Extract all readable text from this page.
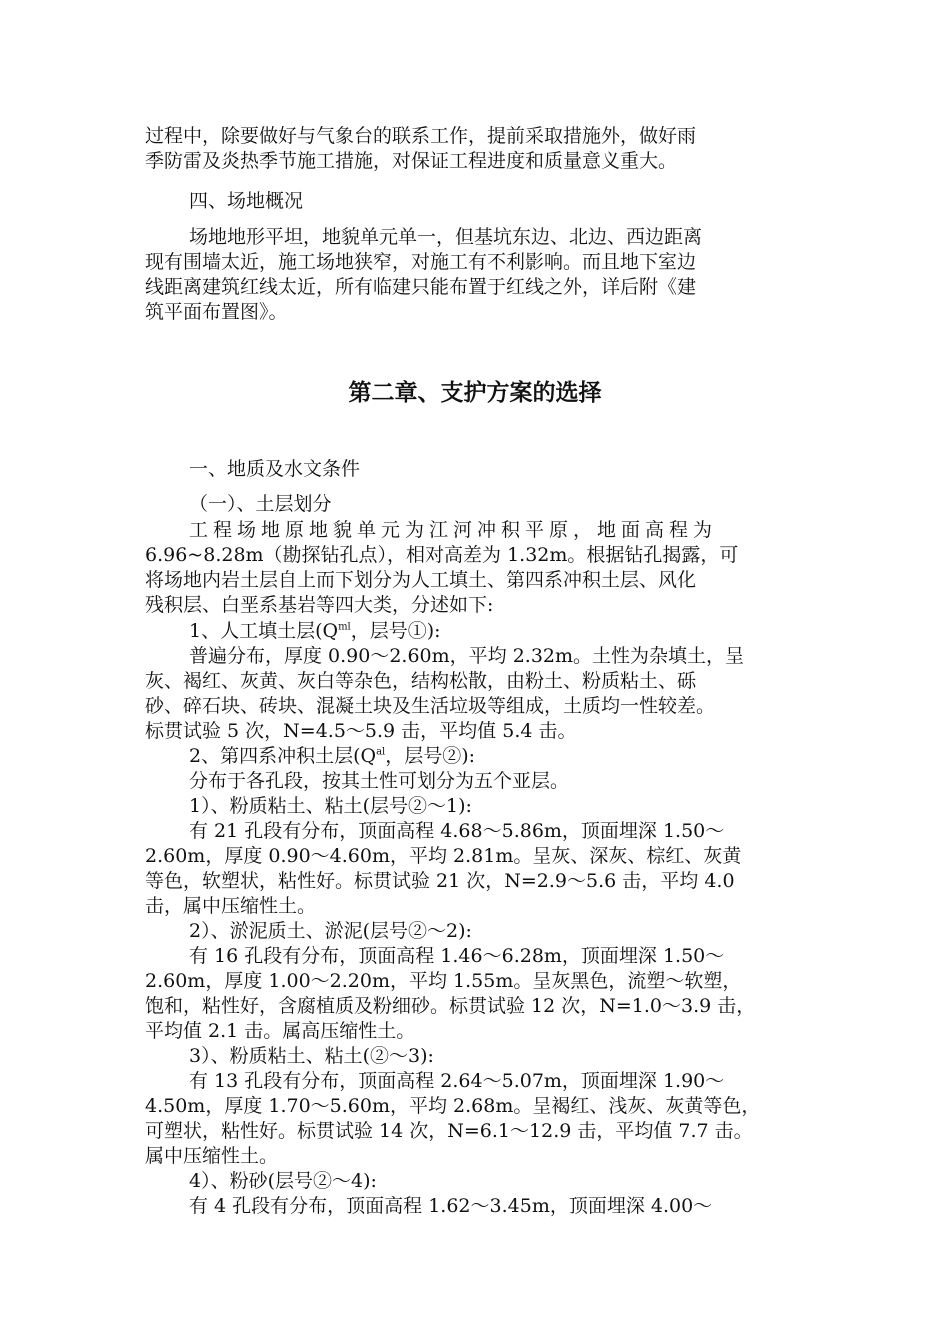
过程中，除要做好与气象台的联系工作，提前采取措施外，做好雨
季防雷及炎热季节施工措施，对保证工程进度和质量意义重大。
四、场地概况
场地地形平坦，地貌单元单一，但基坑东边、北边、西边距离
现有围墙太近，施工场地狭窄，对施工有不利影响。而且地下室边
线距离建筑红线太近，所有临建只能布置于红线之外，详后附《建
筑平面布置图》。
第二章、支护方案的选择
一、地质及水文条件
（一）、土层划分
工程场地原地貌单元为江河冲积平原，地面高程为
6.96~8.28m（勘探钻孔点），相对高差为 1.32m。根据钻孔揭露，可
将场地内岩土层自上而下划分为人工填土、第四系冲积土层、风化
残积层、白垩系基岩等四大类，分述如下:
1、人工填土层($Q^{ml}$，层号①):
普遍分布，厚度 0.90～2.60m，平均 2.32m。土性为杂填土，呈
灰、褐红、灰黄、灰白等杂色，结构松散，由粉土、粉质粘土、砾
砂、碎石块、砖块、混凝土块及生活垃圾等组成，土质均一性较差。
标贯试验 5 次，N=4.5～5.9 击，平均值 5.4 击。
2、第四系冲积土层($Q^{al}$，层号②):
分布于各孔段，按其土性可划分为五个亚层。
1）、粉质粘土、粘土(层号②～1):
有 21 孔段有分布，顶面高程 4.68～5.86m，顶面埋深 1.50～
2.60m，厚度 0.90～4.60m，平均 2.81m。呈灰、深灰、棕红、灰黄
等色，软塑状，粘性好。标贯试验 21 次，N=2.9～5.6 击，平均 4.0
击，属中压缩性土。
2）、淤泥质土、淤泥(层号②～2):
有 16 孔段有分布，顶面高程 1.46～6.28m，顶面埋深 1.50～
2.60m，厚度 1.00～2.20m，平均 1.55m。呈灰黑色，流塑～软塑，
饱和，粘性好，含腐植质及粉细砂。标贯试验 12 次，N=1.0～3.9 击，
平均值 2.1 击。属高压缩性土。
3）、粉质粘土、粘土(②～3):
有 13 孔段有分布，顶面高程 2.64～5.07m，顶面埋深 1.90～
4.50m，厚度 1.70～5.60m，平均 2.68m。呈褐红、浅灰、灰黄等色，
可塑状，粘性好。标贯试验 14 次，N=6.1～12.9 击，平均值 7.7 击。
属中压缩性土。
4）、粉砂(层号②～4):
有 4 孔段有分布，顶面高程 1.62～3.45m，顶面埋深 4.00～
